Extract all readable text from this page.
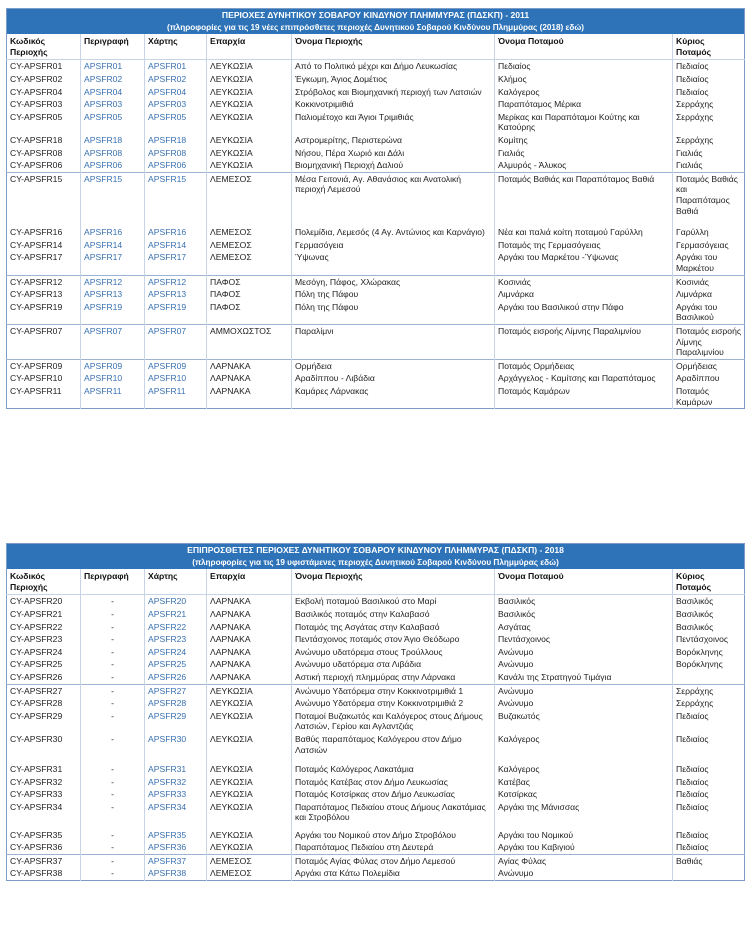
ΠΕΡΙΟΧΕΣ ΔΥΝΗΤΙΚΟΥ ΣΟΒΑΡΟΥ ΚΙΝΔΥΝΟΥ ΠΛΗΜΜΥΡΑΣ (ΠΔΣΚΠ) - 2011						
(πληροφορίες για τις 19 νέες επιπρόσθετες περιοχές Δυνητικού Σοβαρού Κινδύνου Πλημμύρας (2018) εδώ)						
Κωδικός Περιοχής	Περιγραφή	Χάρτης	Επαρχία	Όνομα Περιοχής	Όνομα Ποταμού	Κύριος Ποταμός
CY-APSFR01	APSFR01	APSFR01	ΛΕΥΚΩΣΙΑ	Από το Πολιτικό μέχρι και Δήμο Λευκωσίας	Πεδιαίος	Πεδιαίος
CY-APSFR02	APSFR02	APSFR02	ΛΕΥΚΩΣΙΑ	Έγκωμη, Άγιος Δομέτιος	Κλήμος	Πεδιαίος
CY-APSFR04	APSFR04	APSFR04	ΛΕΥΚΩΣΙΑ	Στρόβολος και Βιομηχανική περιοχή των Λατσιών	Καλόγερος	Πεδιαίος
CY-APSFR03	APSFR03	APSFR03	ΛΕΥΚΩΣΙΑ	Κοκκινοτριμιθιά	Παραπόταμος Μέρικα	Σερράχης
CY-APSFR05	APSFR05	APSFR05	ΛΕΥΚΩΣΙΑ	Παλιομέτοχο και Άγιοι Τριμιθιάς	Μερίκας και Παραπόταμοι Κούτης και Κατούρης	Σερράχης
CY-APSFR18	APSFR18	APSFR18	ΛΕΥΚΩΣΙΑ	Αστρομερίτης, Περιστερώνα	Κομίτης	Σερράχης
CY-APSFR08	APSFR08	APSFR08	ΛΕΥΚΩΣΙΑ	Νήσου, Πέρα Χωριό και Δάλι	Γιαλιάς	Γιαλιάς
CY-APSFR06	APSFR06	APSFR06	ΛΕΥΚΩΣΙΑ	Βιομηχανική Περιοχή Δαλιού	Αλμυρός - Άλυκος	Γιαλιάς
CY-APSFR15	APSFR15	APSFR15	ΛΕΜΕΣΟΣ	Μέσα Γειτονιά, Αγ. Αθανάσιος και Ανατολική περιοχή Λεμεσού	Ποταμός Βαθιάς και Παραπόταμος Βαθιά	Ποταμός Βαθιάς και Παραπόταμος Βαθιά
CY-APSFR16	APSFR16	APSFR16	ΛΕΜΕΣΟΣ	Πολεμίδια, Λεμεσός (4 Αγ. Αντώνιος και Καρνάγιο)	Νέα και παλιά κοίτη ποταμού Γαρύλλη	Γαρύλλη
CY-APSFR14	APSFR14	APSFR14	ΛΕΜΕΣΟΣ	Γερμασόγεια	Ποταμός της Γερμασόγειας	Γερμασόγειας
CY-APSFR17	APSFR17	APSFR17	ΛΕΜΕΣΟΣ	Ύψωνας	Αργάκι του Μαρκέτου -Ύψωνας	Αργάκι του Μαρκέτου
CY-APSFR12	APSFR12	APSFR12	ΠΑΦΟΣ	Μεσόγη, Πάφος, Χλώρακας	Κοσινιάς	Κοσινιάς
CY-APSFR13	APSFR13	APSFR13	ΠΑΦΟΣ	Πόλη της Πάφου	Λιμνάρκα	Λιμνάρκα
CY-APSFR19	APSFR19	APSFR19	ΠΑΦΟΣ	Πόλη της Πάφου	Αργάκι του Βασιλικού στην Πάφο	Αργάκι του Βασιλικού
CY-APSFR07	APSFR07	APSFR07	ΑΜΜΟΧΩΣΤΟΣ	Παραλίμνι	Ποταμός εισροής Λίμνης Παραλιμνίου	Ποταμός εισροής Λίμνης Παραλιμνίου
CY-APSFR09	APSFR09	APSFR09	ΛΑΡΝΑΚΑ	Ορμήδεια	Ποταμός Ορμήδειας	Ορμήδειας
CY-APSFR10	APSFR10	APSFR10	ΛΑΡΝΑΚΑ	Αραδίππου - Λιβάδια	Αρχάγγελος - Καμίτσης και Παραπόταμος	Αραδίππου
CY-APSFR11	APSFR11	APSFR11	ΛΑΡΝΑΚΑ	Καμάρες Λάρνακας	Ποταμός Καμάρων	Ποταμός Καμάρων
ΕΠΙΠΡΟΣΘΕΤΕΣ ΠΕΡΙΟΧΕΣ ΔΥΝΗΤΙΚΟΥ ΣΟΒΑΡΟΥ ΚΙΝΔΥΝΟΥ ΠΛΗΜΜΥΡΑΣ (ΠΔΣΚΠ) - 2018						
(πληροφορίες για τις 19 υφιστάμενες περιοχές Δυνητικού Σοβαρού Κινδύνου Πλημμύρας εδώ)						
Κωδικός Περιοχής	Περιγραφή	Χάρτης	Επαρχία	Όνομα Περιοχής	Όνομα Ποταμού	Κύριος Ποταμός
CY-APSFR20	-	APSFR20	ΛΑΡΝΑΚΑ	Εκβολή ποταμού Βασιλικού στο Μαρί	Βασιλικός	Βασιλικός
CY-APSFR21	-	APSFR21	ΛΑΡΝΑΚΑ	Βασιλικός ποταμός στην Καλαβασό	Βασιλικός	Βασιλικός
CY-APSFR22	-	APSFR22	ΛΑΡΝΑΚΑ	Ποταμός της Ασγάτας στην Καλαβασό	Ασγάτας	Βασιλικός
CY-APSFR23	-	APSFR23	ΛΑΡΝΑΚΑ	Πεντάσχοινος ποταμός στον Άγιο Θεόδωρο	Πεντάσχοινος	Πεντάσχοινος
CY-APSFR24	-	APSFR24	ΛΑΡΝΑΚΑ	Ανώνυμο υδατόρεμα στους Τρούλλους	Ανώνυμο	Βορόκληνης
CY-APSFR25	-	APSFR25	ΛΑΡΝΑΚΑ	Ανώνυμο υδατόρεμα στα Λιβάδια	Ανώνυμο	Βορόκληνης
CY-APSFR26	-	APSFR26	ΛΑΡΝΑΚΑ	Αστική περιοχή πλημμύρας στην Λάρνακα	Κανάλι της Στρατηγού Τιμάγια	
CY-APSFR27	-	APSFR27	ΛΕΥΚΩΣΙΑ	Ανώνυμο Υδατόρεμα στην Κοκκινοτριμιθιά 1	Ανώνυμο	Σερράχης
CY-APSFR28	-	APSFR28	ΛΕΥΚΩΣΙΑ	Ανώνυμο Υδατόρεμα στην Κοκκινοτριμιθιά 2	Ανώνυμο	Σερράχης
CY-APSFR29	-	APSFR29	ΛΕΥΚΩΣΙΑ	Ποταμοί Βυζακωτός και Καλόγερος στους Δήμους Λατσιών, Γερίου και Αγλαντζιάς	Βυζακωτός	Πεδιαίος
CY-APSFR30	-	APSFR30	ΛΕΥΚΩΣΙΑ	Βαθύς παραπόταμος Καλόγερου στον Δήμο Λατσιών	Καλόγερος	Πεδιαίος
CY-APSFR31	-	APSFR31	ΛΕΥΚΩΣΙΑ	Ποταμός Καλόγερος Λακατάμια	Καλόγερος	Πεδιαίος
CY-APSFR32	-	APSFR32	ΛΕΥΚΩΣΙΑ	Ποταμός Κατέβας στον Δήμο Λευκωσίας	Κατέβας	Πεδιαίος
CY-APSFR33	-	APSFR33	ΛΕΥΚΩΣΙΑ	Ποταμός Κοτσίρκας στον Δήμο Λευκωσίας	Κοτσίρκας	Πεδιαίος
CY-APSFR34	-	APSFR34	ΛΕΥΚΩΣΙΑ	Παραπόταμος Πεδιαίου στους Δήμους Λακατάμιας και Στροβόλου	Αργάκι της Μάνισσας	Πεδιαίος
CY-APSFR35	-	APSFR35	ΛΕΥΚΩΣΙΑ	Αργάκι του Νομικού στον Δήμο Στροβόλου	Αργάκι του Νομικού	Πεδιαίος
CY-APSFR36	-	APSFR36	ΛΕΥΚΩΣΙΑ	Παραπόταμος Πεδιαίου στη Δευτερά	Αργάκι του Καβιγιού	Πεδιαίος
CY-APSFR37	-	APSFR37	ΛΕΜΕΣΟΣ	Ποταμός Αγίας Φύλας στον Δήμο Λεμεσού	Αγίας Φύλας	Βαθιάς
CY-APSFR38	-	APSFR38	ΛΕΜΕΣΟΣ	Αργάκι στα Κάτω Πολεμίδια	Ανώνυμο	
